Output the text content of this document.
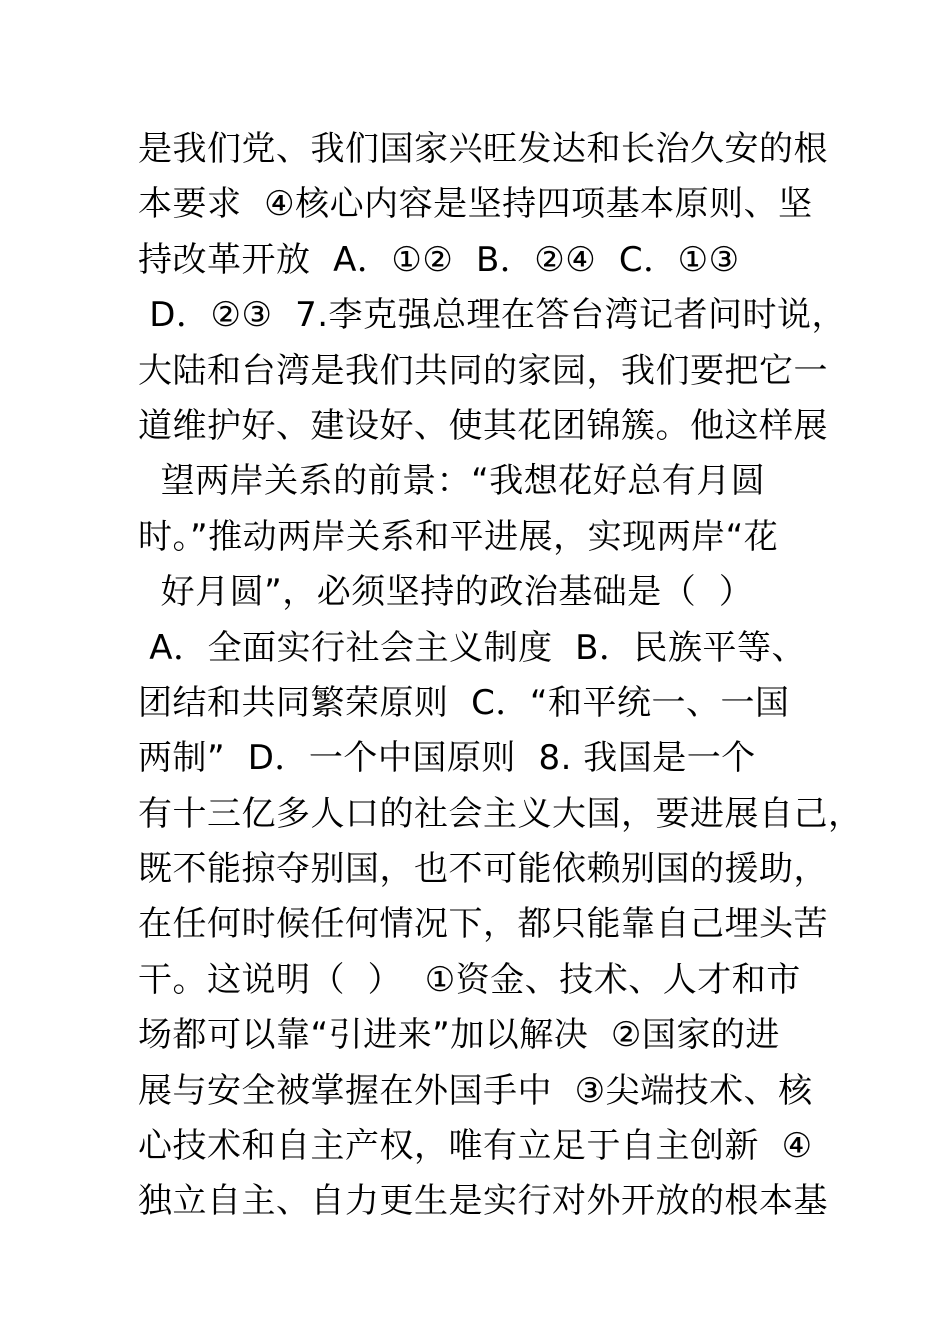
是我们党、我们国家兴旺发达和长治久安的根
本要求  ④核心内容是坚持四项基本原则、坚
持改革开放  A．①②  B．②④  C．①③
D．②③  7.李克强总理在答台湾记者问时说，
大陆和台湾是我们共同的家园，我们要把它一
道维护好、建设好、使其花团锦簇。他这样展
望两岸关系的前景：“我想花好总有月圆
时。”推动两岸关系和平进展，实现两岸“花
好月圆”，必须坚持的政治基础是（  ）
A．全面实行社会主义制度  B．民族平等、
团结和共同繁荣原则  C．“和平统一、一国
两制”  D．一个中国原则  8. 我国是一个
有十三亿多人口的社会主义大国，要进展自己，
既不能掠夺别国，也不可能依赖别国的援助，
在任何时候任何情况下，都只能靠自己埋头苦
干。这说明（  ）  ①资金、技术、人才和市
场都可以靠“引进来”加以解决  ②国家的进
展与安全被掌握在外国手中  ③尖端技术、核
心技术和自主产权，唯有立足于自主创新  ④
独立自主、自力更生是实行对外开放的根本基
